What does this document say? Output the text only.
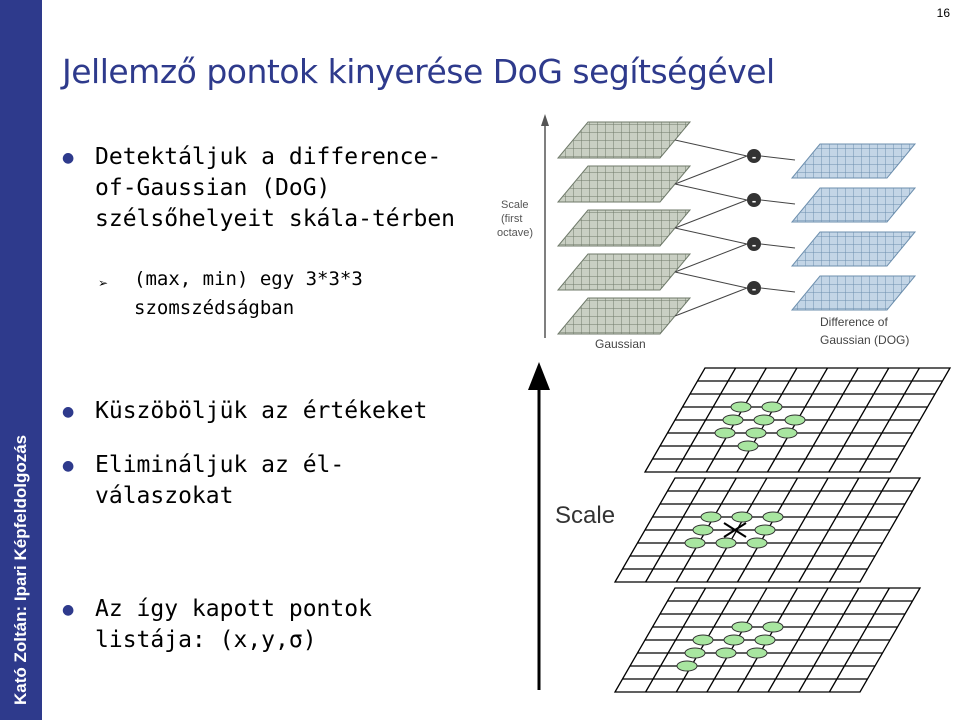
Kató Zoltán: Ipari Képfeldolgozás
16
Jellemző pontok kinyerése DoG segítségével
● Detektáljuk a difference-
of-Gaussian (DoG)
szélsőhelyeit skála-térben
➢ (max, min) egy 3*3*3
szomszédságban
● Küszöböljük az értékeket
● Elimináljuk az él-
válaszokat
● Az így kapott pontok
listája: (x,y,σ)
Scale
(first
octave)
-
-
-
-
Gaussian
Difference of
Gaussian (DOG)
Scale
